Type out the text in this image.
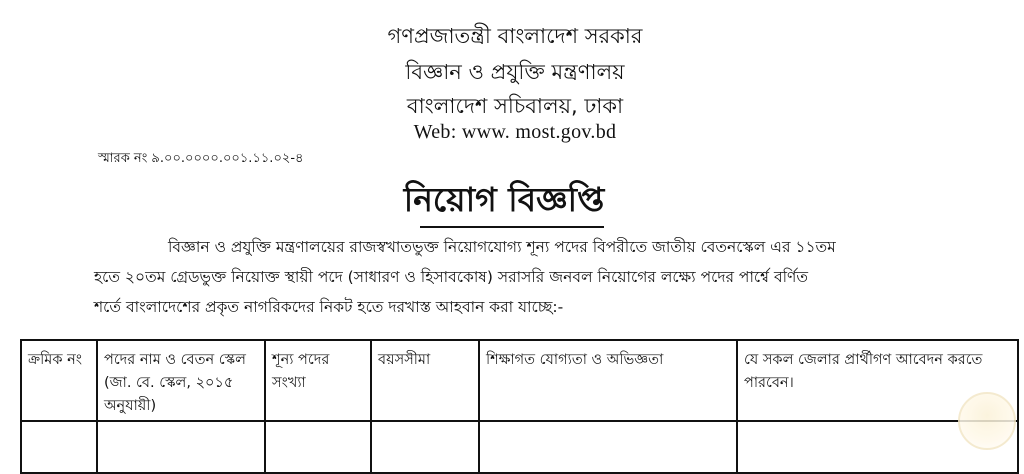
গণপ্রজাতন্ত্রী বাংলাদেশ সরকার
বিজ্ঞান ও প্রযুক্তি মন্ত্রণালয়
বাংলাদেশ সচিবালয়, ঢাকা
Web: www. most.gov.bd
স্মারক নং ৯.০০.০০০০.০০১.১১.০২-৪
নিয়োগ বিজ্ঞপ্তি
বিজ্ঞান ও প্রযুক্তি মন্ত্রণালয়ের রাজস্বখাতভুক্ত নিয়োগযোগ্য শূন্য পদের বিপরীতে জাতীয় বেতনস্কেল এর ১১তম
হতে ২০তম গ্রেডভুক্ত নিয়োক্ত স্থায়ী পদে (সাধারণ ও হিসাবকোষ) সরাসরি জনবল নিয়োগের লক্ষ্যে পদের পার্শ্বে বর্ণিত
শর্তে বাংলাদেশের প্রকৃত নাগরিকদের নিকট হতে দরখাস্ত আহবান করা যাচ্ছে:-
ক্রমিক নং	পদের নাম ও বেতন স্কেল (জা. বে. স্কেল, ২০১৫ অনুযায়ী)	শূন্য পদের সংখ্যা	বয়সসীমা	শিক্ষাগত যোগ্যতা ও অভিজ্ঞতা	যে সকল জেলার প্রার্থীগণ আবেদন করতে পারবেন।
